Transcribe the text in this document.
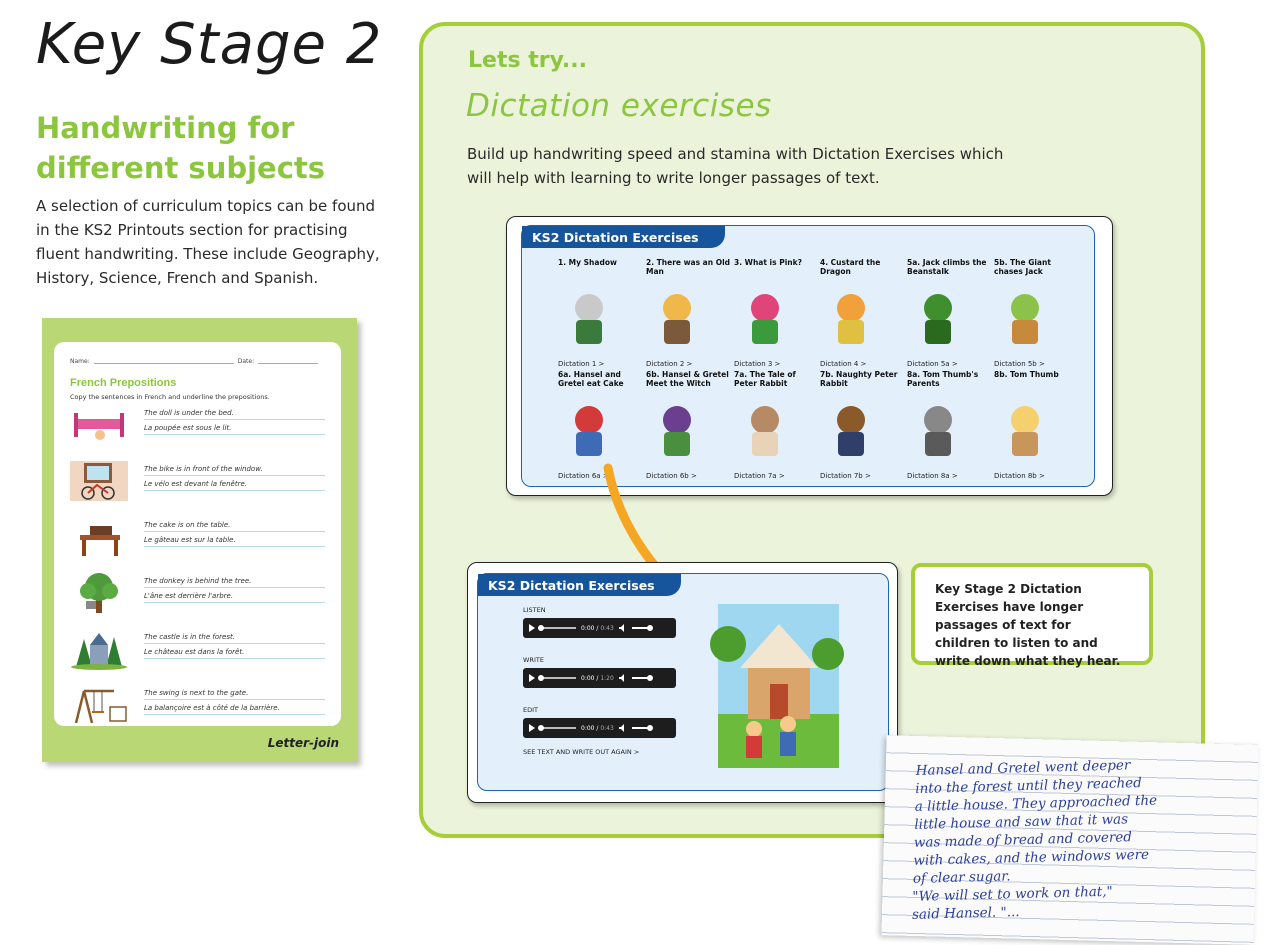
Key Stage 2
Handwriting for different subjects
A selection of curriculum topics can be found in the KS2 Printouts section for practising fluent handwriting. These include Geography, History, Science, French and Spanish.
Name:	Date:
French Prepositions
Copy the sentences in French and underline the prepositions.
The doll is under the bed.
La poupée est sous le lit.
The bike is in front of the window.
Le vélo est devant la fenêtre.
The cake is on the table.
Le gâteau est sur la table.
The donkey is behind the tree.
L'âne est derrière l'arbre.
The castle is in the forest.
Le château est dans la forêt.
The swing is next to the gate.
La balançoire est à côté de la barrière.
Letter-join
Lets try...
Dictation exercises
Build up handwriting speed and stamina with Dictation Exercises which will help with learning to write longer passages of text.
KS2 Dictation Exercises
1. My Shadow
Dictation 1 >
2. There was an Old Man
Dictation 2 >
3. What is Pink?
Dictation 3 >
4. Custard the Dragon
Dictation 4 >
5a. Jack climbs the Beanstalk
Dictation 5a >
5b. The Giant chases Jack
Dictation 5b >
6a. Hansel and Gretel eat Cake
Dictation 6a >
6b. Hansel & Gretel Meet the Witch
Dictation 6b >
7a. The Tale of Peter Rabbit
Dictation 7a >
7b. Naughty Peter Rabbit
Dictation 7b >
8a. Tom Thumb's Parents
Dictation 8a >
8b. Tom Thumb
Dictation 8b >
KS2 Dictation Exercises
LISTEN
0:00 / 0:43
WRITE
0:00 / 1:20
EDIT
0:00 / 0:43
SEE TEXT AND WRITE OUT AGAIN >
Key Stage 2 Dictation Exercises have longer passages of text for children to listen to and write down what they hear.
Hansel and Gretel went deeper
into the forest until they reached
a little house. They approached the
little house and saw that it was
was made of bread and covered
with cakes, and the windows were
of clear sugar.
"We will set to work on that,"
said Hansel. "...
